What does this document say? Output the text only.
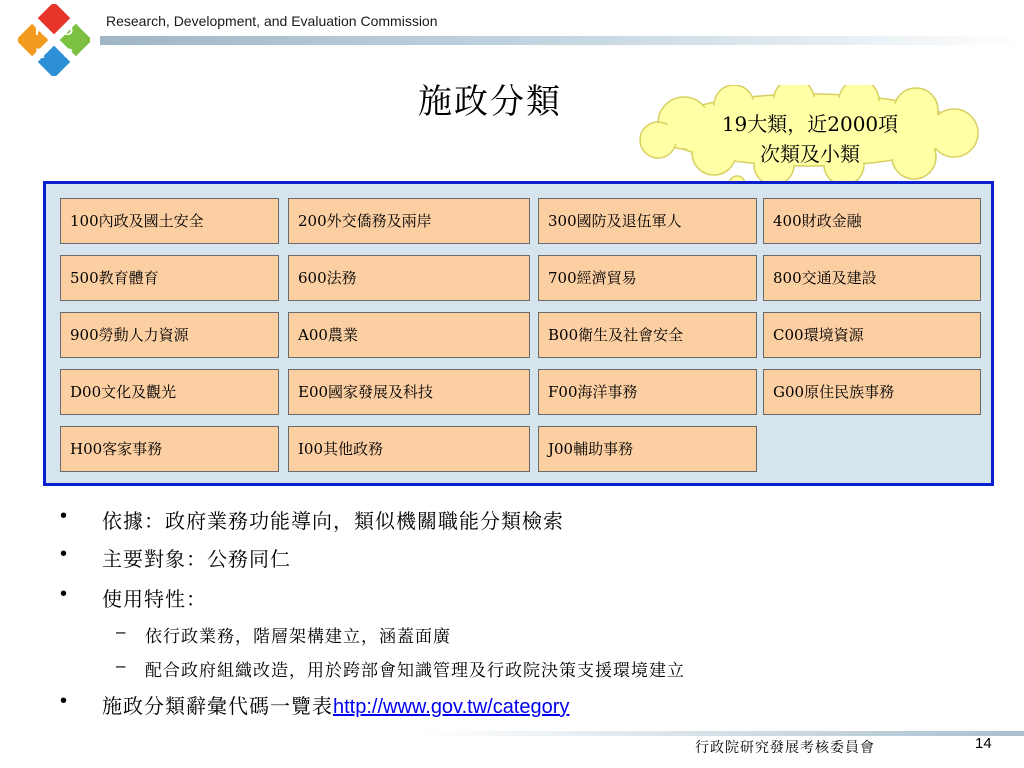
R D
E C
Research, Development, and Evaluation Commission
施政分類
19大類，近2000項
次類及小類
100內政及國土安全	200外交僑務及兩岸	300國防及退伍軍人	400財政金融
500教育體育	600法務	700經濟貿易	800交通及建設
900勞動人力資源	A00農業	B00衛生及社會安全	C00環境資源
D00文化及觀光	E00國家發展及科技	F00海洋事務	G00原住民族事務
H00客家事務	I00其他政務	J00輔助事務
•	依據：政府業務功能導向，類似機關職能分類檢索
•	主要對象：公務同仁
•	使用特性：
– 依行政業務，階層架構建立，涵蓋面廣
– 配合政府組織改造，用於跨部會知識管理及行政院決策支援環境建立
•	施政分類辭彙代碼一覽表http://www.gov.tw/category
行政院研究發展考核委員會	14
